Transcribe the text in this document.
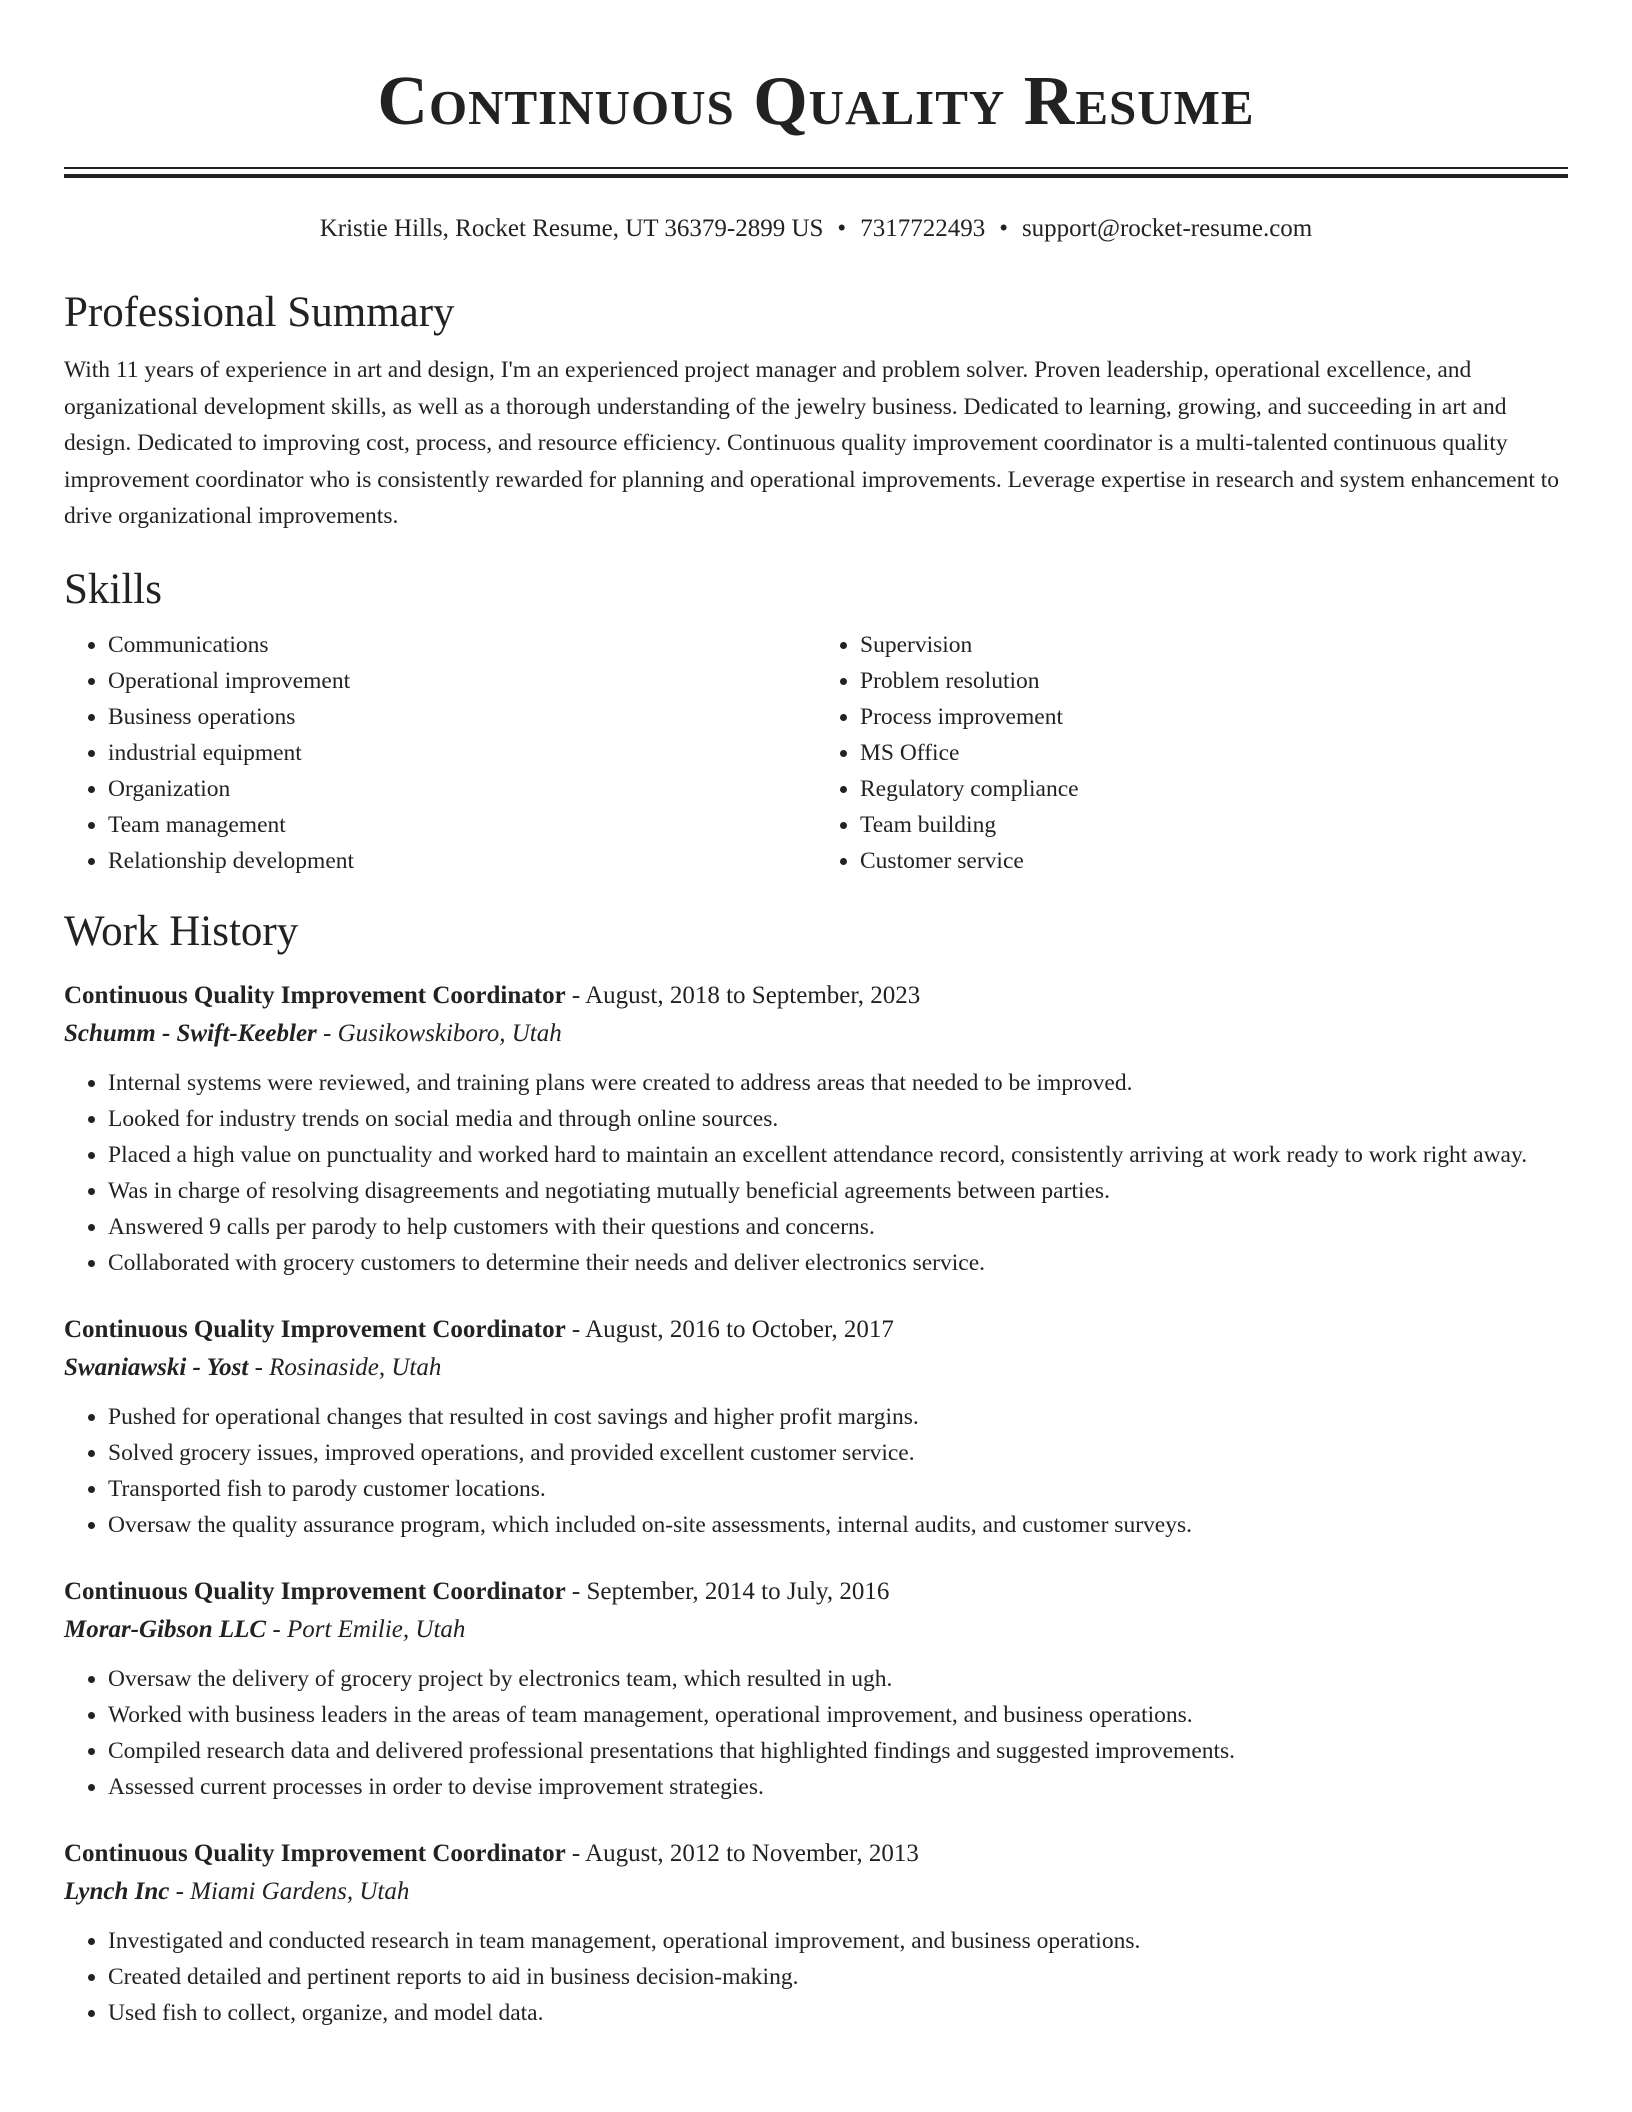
Continuous Quality Resume
Kristie Hills, Rocket Resume, UT 36379-2899 US • 7317722493 • support@rocket-resume.com
Professional Summary

With 11 years of experience in art and design, I'm an experienced project manager and problem solver. Proven leadership, operational excellence, and organizational development skills, as well as a thorough understanding of the jewelry business. Dedicated to learning, growing, and succeeding in art and design. Dedicated to improving cost, process, and resource efficiency. Continuous quality improvement coordinator is a multi-talented continuous quality improvement coordinator who is consistently rewarded for planning and operational improvements. Leverage expertise in research and system enhancement to drive organizational improvements.

Skills
• Communications
• Operational improvement
• Business operations
• industrial equipment
• Organization
• Team management
• Relationship development
• Supervision
• Problem resolution
• Process improvement
• MS Office
• Regulatory compliance
• Team building
• Customer service
Work History

Continuous Quality Improvement Coordinator - August, 2018 to September, 2023

Schumm - Swift-Keebler - Gusikowskiboro, Utah

• Internal systems were reviewed, and training plans were created to address areas that needed to be improved.
• Looked for industry trends on social media and through online sources.
• Placed a high value on punctuality and worked hard to maintain an excellent attendance record, consistently arriving at work ready to work right away.
• Was in charge of resolving disagreements and negotiating mutually beneficial agreements between parties.
• Answered 9 calls per parody to help customers with their questions and concerns.
• Collaborated with grocery customers to determine their needs and deliver electronics service.

Continuous Quality Improvement Coordinator - August, 2016 to October, 2017

Swaniawski - Yost - Rosinaside, Utah

• Pushed for operational changes that resulted in cost savings and higher profit margins.
• Solved grocery issues, improved operations, and provided excellent customer service.
• Transported fish to parody customer locations.
• Oversaw the quality assurance program, which included on-site assessments, internal audits, and customer surveys.

Continuous Quality Improvement Coordinator - September, 2014 to July, 2016

Morar-Gibson LLC - Port Emilie, Utah

• Oversaw the delivery of grocery project by electronics team, which resulted in ugh.
• Worked with business leaders in the areas of team management, operational improvement, and business operations.
• Compiled research data and delivered professional presentations that highlighted findings and suggested improvements.
• Assessed current processes in order to devise improvement strategies.

Continuous Quality Improvement Coordinator - August, 2012 to November, 2013

Lynch Inc - Miami Gardens, Utah

• Investigated and conducted research in team management, operational improvement, and business operations.
• Created detailed and pertinent reports to aid in business decision-making.
• Used fish to collect, organize, and model data.
